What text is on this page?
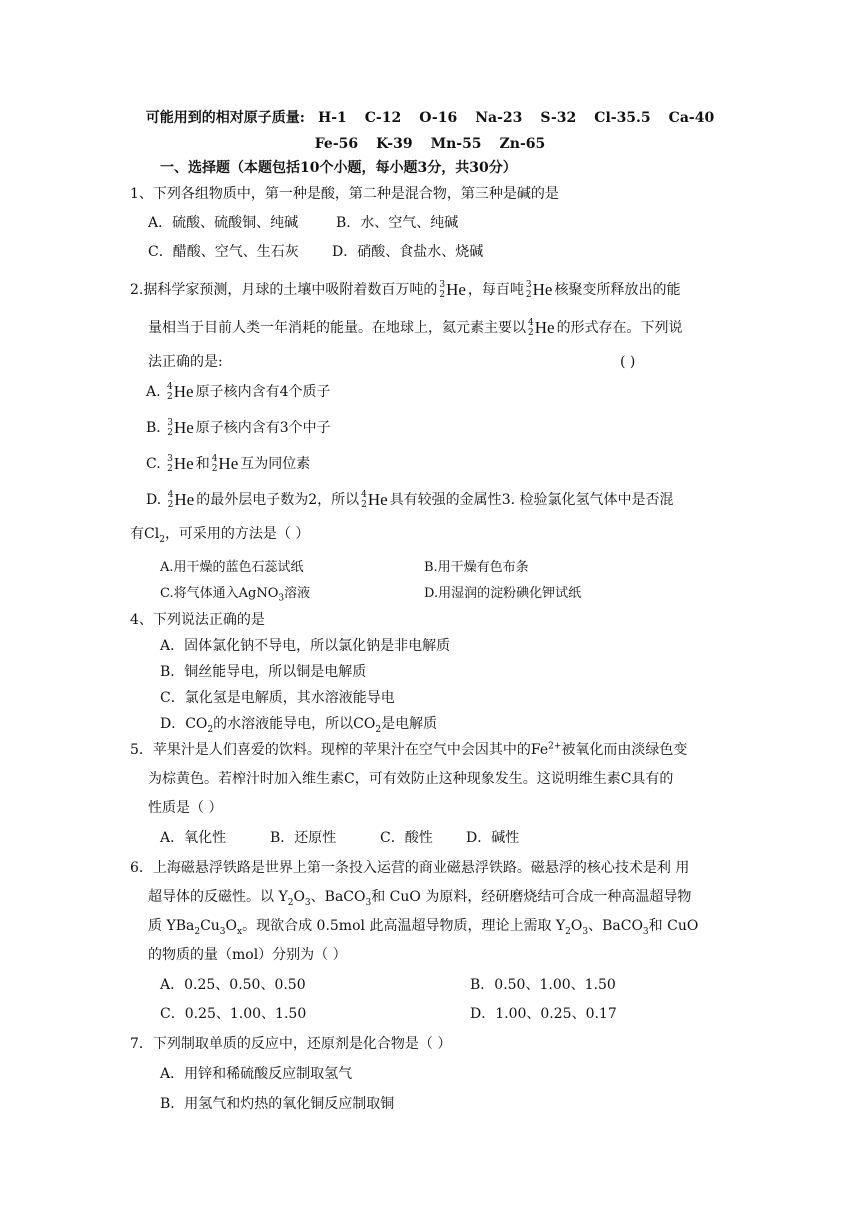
可能用到的相对原子质量: H-1 C-12 O-16 Na-23 S-32 Cl-35.5 Ca-40
Fe-56 K-39 Mn-55 Zn-65
一、选择题（本题包括10个小题，每小题3分，共30分）
1、下列各组物质中，第一种是酸，第二种是混合物，第三种是碱的是
A．硫酸、硫酸铜、纯碱	B．水、空气、纯碱
C．醋酸、空气、生石灰 D．硝酸、食盐水、烧碱
2.据科学家预测，月球的土壤中吸附着数百万吨的 3
2 He ，每百吨 3
2 He 核聚变所释放出的能
量相当于目前人类一年消耗的能量。在地球上，氦元素主要以 4
2 He 的形式存在。下列说
法正确的是:	( )
A. 4
2 He 原子核内含有4个质子
B. 3
2 He 原子核内含有3个中子
C. 3
2 He 和 4
2 He 互为同位素
D. 4
2 He 的最外层电子数为2，所以 4
2 He 具有较强的金属性3. 检验氯化氢气体中是否混
有$Cl_2$，可采用的方法是（ ）
A.用干燥的蓝色石蕊试纸	B.用干燥有色布条
C.将气体通入AgNO$_3$溶液	D.用湿润的淀粉碘化钾试纸
4、下列说法正确的是
A．固体氯化钠不导电，所以氯化钠是非电解质
B．铜丝能导电，所以铜是电解质
C．氯化氢是电解质，其水溶液能导电
D．$CO_2$的水溶液能导电，所以$CO_2$是电解质
5．苹果汁是人们喜爱的饮料。现榨的苹果汁在空气中会因其中的$Fe^{2+}$被氧化而由淡绿色变
为棕黄色。若榨汁时加入维生素C，可有效防止这种现象发生。这说明维生素C具有的
性质是（ ）
A．氧化性	B．还原性	C．酸性 D．碱性
6．上海磁悬浮铁路是世界上第一条投入运营的商业磁悬浮铁路。磁悬浮的核心技术是利 用
超导体的反磁性。以 $Y_2O_3$、BaCO$_3$和 CuO 为原料，经研磨烧结可合成一种高温超导物
质 $YBa_2Cu_3O_x$。现欲合成 0.5mol 此高温超导物质，理论上需取 $Y_2O_3$、BaCO$_3$和 CuO
的物质的量（mol）分别为（ ）
A．0.25、0.50、0.50	B．0.50、1.00、1.50
C．0.25、1.00、1.50	D．1.00、0.25、0.17
7．下列制取单质的反应中，还原剂是化合物是（ ）
A．用锌和稀硫酸反应制取氢气
B．用氢气和灼热的氧化铜反应制取铜
